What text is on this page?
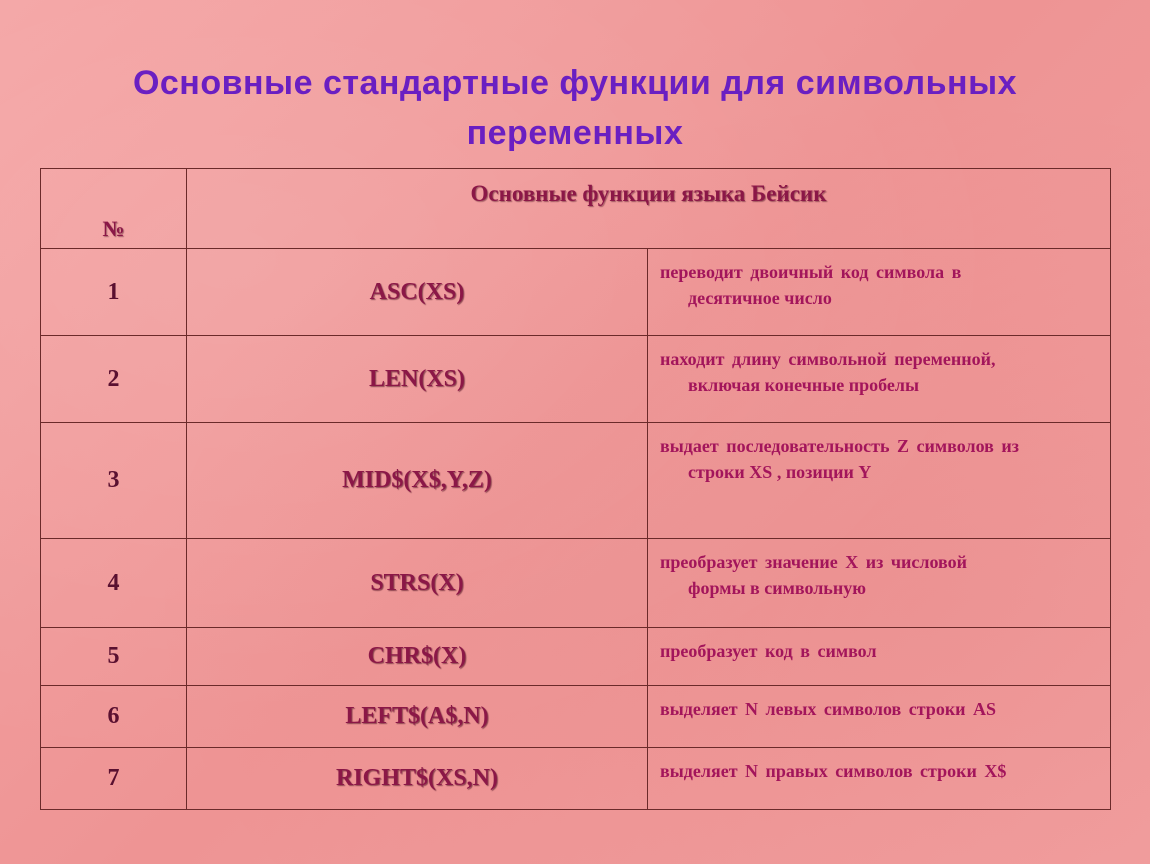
Основные стандартные функции для символьных
переменных
№	Основные функции языка Бейсик	
1	ASC(XS)	переводит двоичный код символа в
десятичное число

2	LEN(XS)	находит длину символьной переменной,
включая конечные пробелы

3	MID$(X$,Y,Z)	выдает последовательность Z символов из
строки XS , позиции Y

4	STRS(X)	преобразует значение X из числовой
формы в символьную

5	CHR$(X)	преобразует код в символ

6	LEFT$(A$,N)	выделяет N левых символов строки AS

7	RIGHT$(XS,N)	выделяет N правых символов строки X$
